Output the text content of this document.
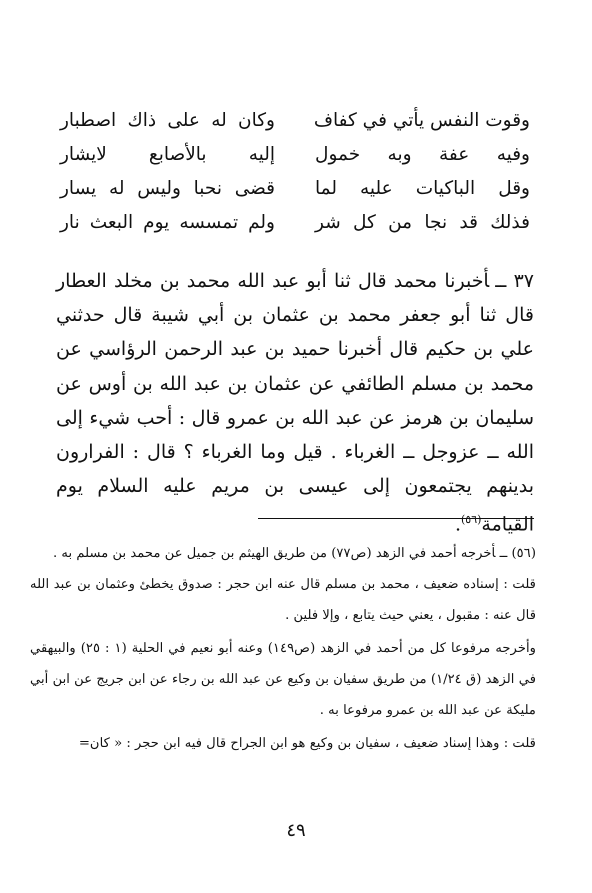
وقوت النفس يأتي في كفاف
وكان له على ذاك اصطبار
وفيه عفة وبه خمول
إليه بالأصابع لايشار
وقل الباكيات عليه لما
قضى نحبا وليس له يسار
فذلك قد نجا من كل شر
ولم تمسسه يوم البعث نار
٣٧ ــأخبرنا محمد قال ثنا أبو عبد الله محمد بن مخلد العطار قال ثنا أبو جعفر محمد بن عثمان بن أبي شيبة قال حدثني علي بن حكيم قال أخبرنا حميد بن عبد الرحمن الرؤاسي عن محمد بن مسلم الطائفي عن عثمان بن عبد الله بن أوس عن سليمان بن هرمز عن عبد الله بن عمرو قال : أحب شيء إلى الله ــ عزوجل ــ الغرباء . قيل وما الغرباء ؟ قال : الفرارون بدينهم يجتمعون إلى عيسى بن مريم عليه السلام يوم القيامة$^{(٥٦)}$.

(٥٦) ــأخرجه أحمد في الزهد (ص٧٧) من طريق الهيثم بن جميل عن محمد بن مسلم به .

قلت : إسناده ضعيف ، محمد بن مسلم قال عنه ابن حجر : صدوق يخطئ وعثمان بن عبد الله قال عنه : مقبول ، يعني حيث يتابع ، وإلا فلين .

وأخرجه مرفوعا كل من أحمد في الزهد (ص١٤٩) وعنه أبو نعيم في الحلية (١ : ٢٥) والبيهقي في الزهد (ق ١/٢٤) من طريق سفيان بن وكيع عن عبد الله بن رجاء عن ابن جريج عن ابن أبي مليكة عن عبد الله بن عمرو مرفوعا به .

قلت : وهذا إسناد ضعيف ، سفيان بن وكيع هو ابن الجراح قال فيه ابن حجر : « كان=

٤٩
